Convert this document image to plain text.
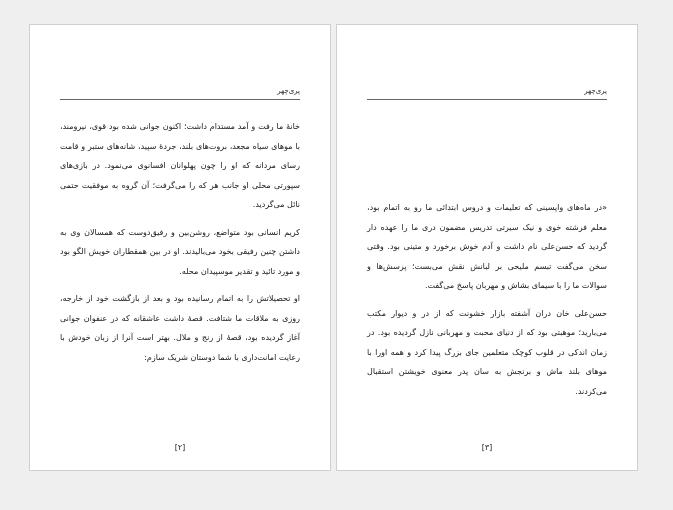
پری‌چهر

خانهٔ ما رفت و آمد مستدام داشت؛ اکنون جوانی شده بود قوی، نیرومند، با موهای سیاه مجعد، بروت‌های بلند، جردهٔ سپید، شانه‌های ستبر و قامت رسای مردانه که او را چون پهلوانان افسانوی می‌نمود. در بازی‌های سپورتی محلی او جانب هر که را می‌گرفت؛ آن گروه به موفقیت حتمی نائل می‌گردید.

کریم انسانی بود متواضع، روشن‌بین و رفیق‌دوست که همسالان وی به داشتن چنین رفیقی بخود می‌بالیدند. او در بین همقطاران خویش الگو بود و مورد تائید و تقدیر موسپیدان محله.

او تحصیلاتش را به اتمام رسانیده بود و بعد از بازگشت خود از خارجه، روزی به ملاقات ما شتافت. قصهٔ داشت عاشقانه که در عنفوان جوانی آغاز گردیده بود، قصهٔ از رنج و ملال. بهتر است آنرا از زبان خودش با رعایت امانت‌داری با شما دوستان شریک سازم:

[۲]
پری‌چهر

«در ماه‌های واپسینی که تعلیمات و دروس ابتدائی ما رو به اتمام بود، معلم فرشته خوی و نیک سیرتی تدریس مضمون دری ما را عهده دار گردید که حسن‌علی نام داشت و آدم خوش برخورد و متینی بود. وقتی سخن می‌گفت تبسم ملیحی بر لبانش نقش می‌بست؛ پرسش‌ها و سوالات ما را با سیمای بشاش و مهربان پاسخ می‌گفت.

حسن‌علی خان دران آشفته بازار خشونت که از در و دیوار مکتب می‌بارید؛ موهبتی بود که از دنیای محبت و مهربانی نازل گردیده بود. در زمان اندکی در قلوب کوچک متعلمین جای بزرگ پیدا کرد و همه اورا با موهای بلند ماش و برنجش به سان پدر معنوی خویشتن استقبال می‌کردند.

[۳]
